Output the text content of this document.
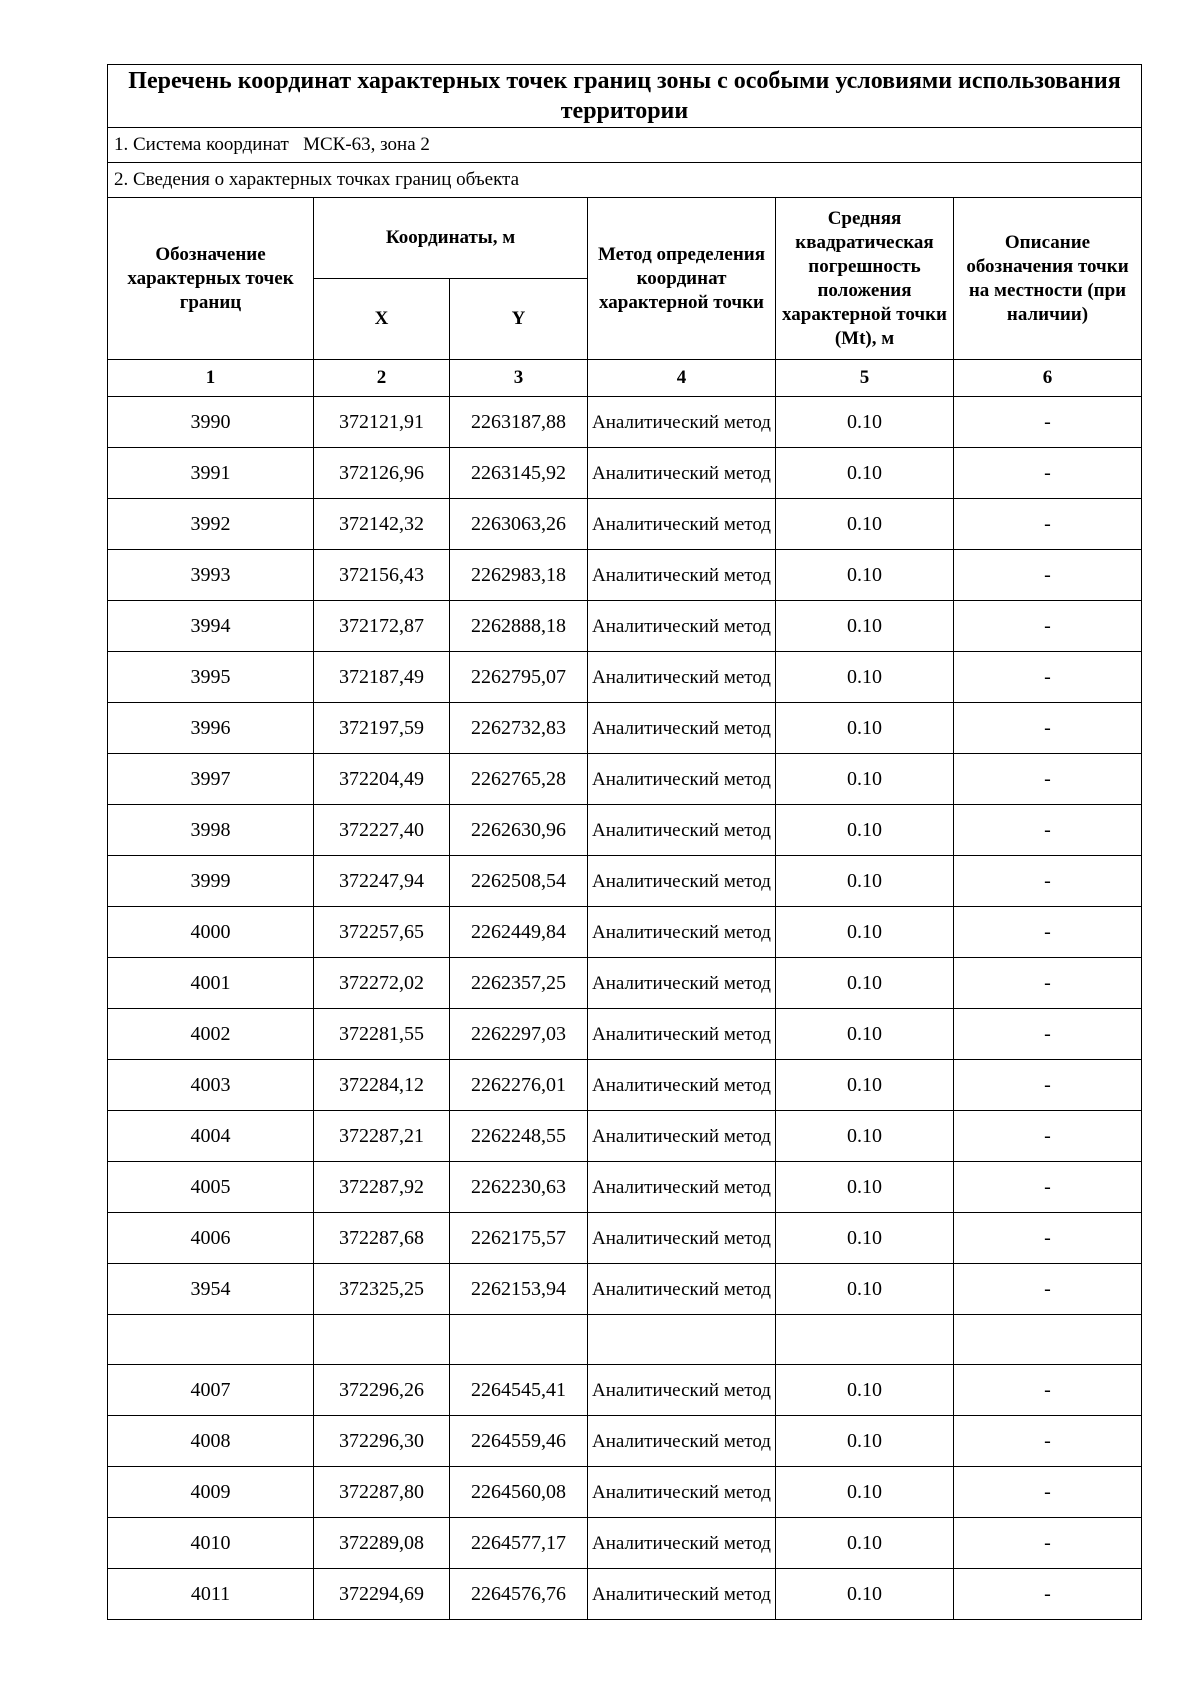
Перечень координат характерных точек границ зоны с особыми условиями использования территории					
1. Система координат   МСК-63, зона 2					
2. Сведения о характерных точках границ объекта					
Обозначение характерных точек границ	Координаты, м		Метод определения координат характерной точки	Средняя квадратическая погрешность положения характерной точки (Mt), м	Описание обозначения точки на местности (при наличии)
	X	Y			
1	2	3	4	5	6
3990	372121,91	2263187,88	Аналитический метод	0.10	-
3991	372126,96	2263145,92	Аналитический метод	0.10	-
3992	372142,32	2263063,26	Аналитический метод	0.10	-
3993	372156,43	2262983,18	Аналитический метод	0.10	-
3994	372172,87	2262888,18	Аналитический метод	0.10	-
3995	372187,49	2262795,07	Аналитический метод	0.10	-
3996	372197,59	2262732,83	Аналитический метод	0.10	-
3997	372204,49	2262765,28	Аналитический метод	0.10	-
3998	372227,40	2262630,96	Аналитический метод	0.10	-
3999	372247,94	2262508,54	Аналитический метод	0.10	-
4000	372257,65	2262449,84	Аналитический метод	0.10	-
4001	372272,02	2262357,25	Аналитический метод	0.10	-
4002	372281,55	2262297,03	Аналитический метод	0.10	-
4003	372284,12	2262276,01	Аналитический метод	0.10	-
4004	372287,21	2262248,55	Аналитический метод	0.10	-
4005	372287,92	2262230,63	Аналитический метод	0.10	-
4006	372287,68	2262175,57	Аналитический метод	0.10	-
3954	372325,25	2262153,94	Аналитический метод	0.10	-

4007	372296,26	2264545,41	Аналитический метод	0.10	-
4008	372296,30	2264559,46	Аналитический метод	0.10	-
4009	372287,80	2264560,08	Аналитический метод	0.10	-
4010	372289,08	2264577,17	Аналитический метод	0.10	-
4011	372294,69	2264576,76	Аналитический метод	0.10	-
